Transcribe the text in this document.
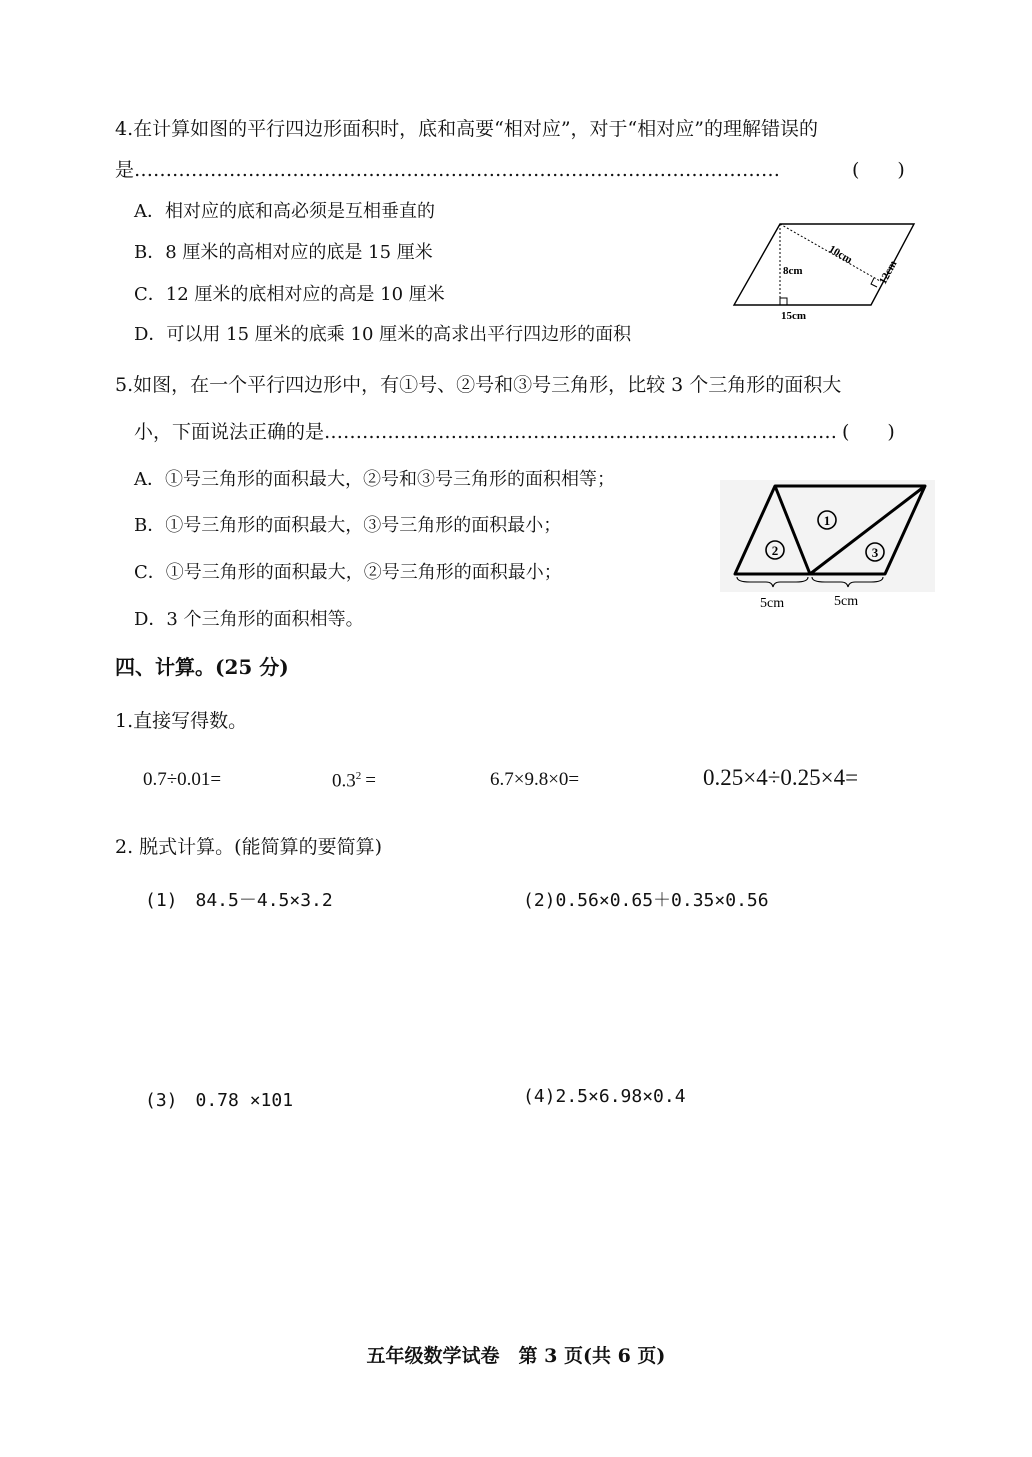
4.在计算如图的平行四边形面积时，底和高要“相对应”，对于“相对应”的理解错误的
是…………………………………………………………………………………………	(　　)
A．相对应的底和高必须是互相垂直的
B．8 厘米的高相对应的底是 15 厘米
C．12 厘米的底相对应的高是 10 厘米
D．可以用 15 厘米的底乘 10 厘米的高求出平行四边形的面积
8cm
10cm
12cm
15cm
5.如图，在一个平行四边形中，有①号、②号和③号三角形，比较 3 个三角形的面积大
小，下面说法正确的是……………………………………………………………………… (　　)
A．①号三角形的面积最大，②号和③号三角形的面积相等；
B．①号三角形的面积最大，③号三角形的面积最小；
C．①号三角形的面积最大，②号三角形的面积最小；
D．3 个三角形的面积相等。
1
2	3
5cm	5cm
四、计算。(25 分)
1.直接写得数。
0.7÷0.01=	$0.3^2$ =	6.7×9.8×0=	0.25×4÷0.25×4=
2. 脱式计算。(能简算的要简算)
(1)　84.5－4.5×3.2	(2)0.56×0.65＋0.35×0.56
(3)　0.78 ×101	(4)2.5×6.98×0.4
五年级数学试卷　第 3 页(共 6 页)
